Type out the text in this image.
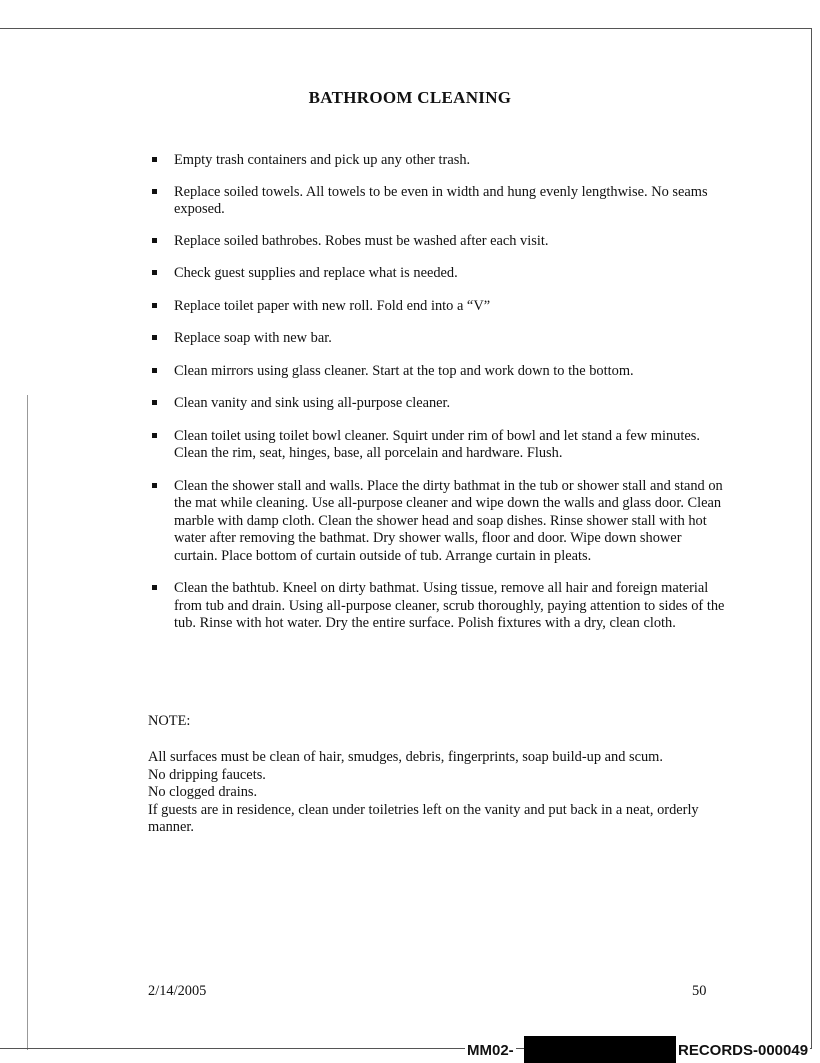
BATHROOM CLEANING
Empty trash containers and pick up any other trash.
Replace soiled towels. All towels to be even in width and hung evenly lengthwise. No seams exposed.
Replace soiled bathrobes. Robes must be washed after each visit.
Check guest supplies and replace what is needed.
Replace toilet paper with new roll. Fold end into a “V”
Replace soap with new bar.
Clean mirrors using glass cleaner. Start at the top and work down to the bottom.
Clean vanity and sink using all-purpose cleaner.
Clean toilet using toilet bowl cleaner. Squirt under rim of bowl and let stand a few minutes. Clean the rim, seat, hinges, base, all porcelain and hardware. Flush.
Clean the shower stall and walls. Place the dirty bathmat in the tub or shower stall and stand on the mat while cleaning. Use all-purpose cleaner and wipe down the walls and glass door. Clean marble with damp cloth. Clean the shower head and soap dishes. Rinse shower stall with hot water after removing the bathmat. Dry shower walls, floor and door. Wipe down shower curtain. Place bottom of curtain outside of tub. Arrange curtain in pleats.
Clean the bathtub. Kneel on dirty bathmat. Using tissue, remove all hair and foreign material from tub and drain. Using all-purpose cleaner, scrub thoroughly, paying attention to sides of the tub. Rinse with hot water. Dry the entire surface. Polish fixtures with a dry, clean cloth.
NOTE:
All surfaces must be clean of hair, smudges, debris, fingerprints, soap build-up and scum.
No dripping faucets.
No clogged drains.
If guests are in residence, clean under toiletries left on the vanity and put back in a neat, orderly manner.
2/14/2005	50
MM02-	RECORDS-000049
